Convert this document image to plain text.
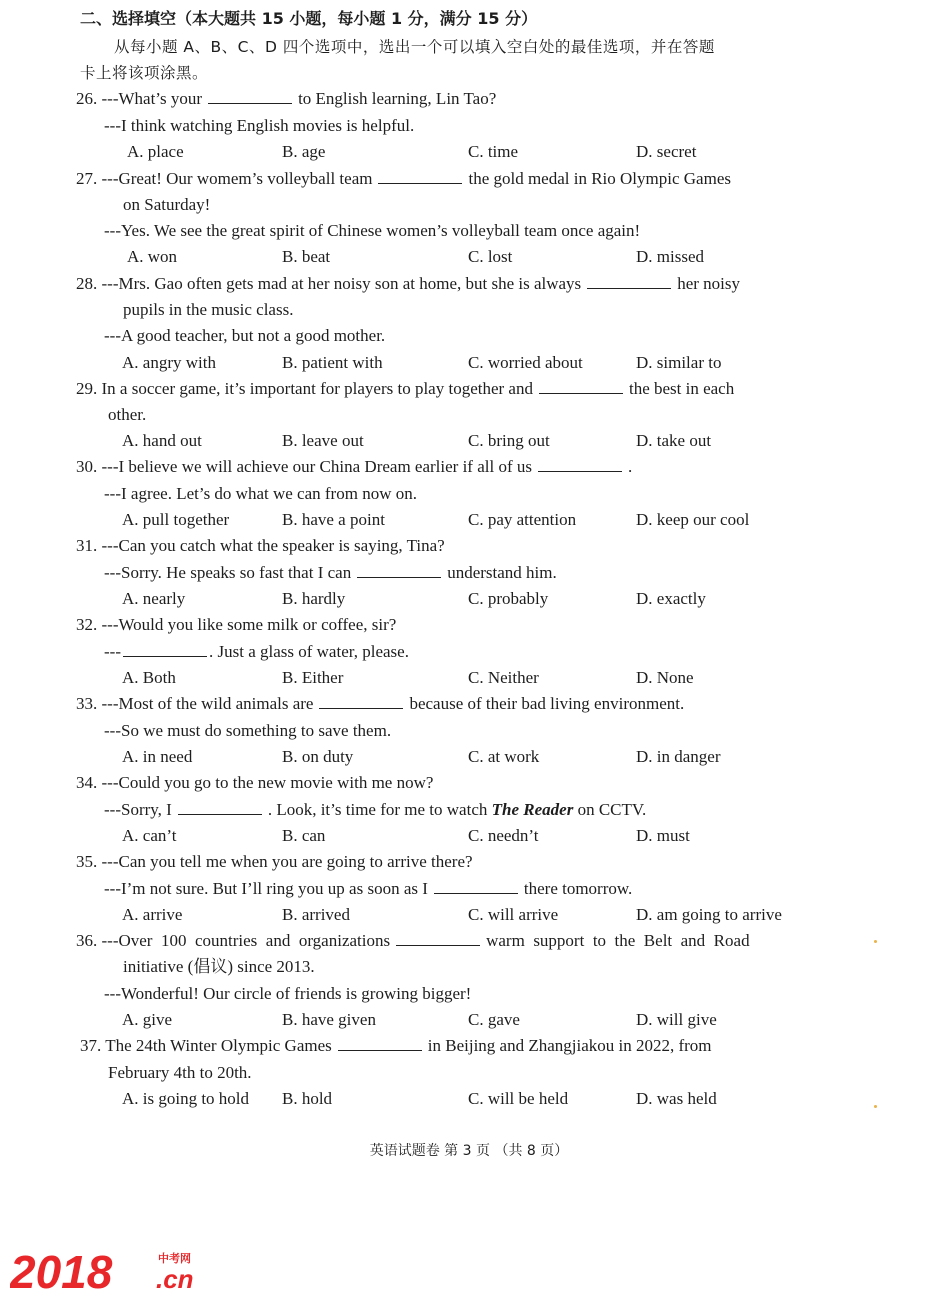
二、选择填空（本大题共 15 小题，每小题 1 分，满分 15 分）
从每小题 A、B、C、D 四个选项中，选出一个可以填入空白处的最佳选项，并在答题
卡上将该项涂黑。
26. ---What’s your	to English learning, Lin Tao?
---I think watching English movies is helpful.
A. place	B. age	C. time	D. secret
27. ---Great! Our womem’s volleyball team	the gold medal in Rio Olympic Games
on Saturday!
---Yes. We see the great spirit of Chinese women’s volleyball team once again!
A. won	B. beat	C. lost	D. missed
28. ---Mrs. Gao often gets mad at her noisy son at home, but she is always	her noisy
pupils in the music class.
---A good teacher, but not a good mother.
A. angry with	B. patient with	C. worried about	D. similar to
29. In a soccer game, it’s important for players to play together and	the best in each
other.
A. hand out	B. leave out	C. bring out	D. take out
30. ---I believe we will achieve our China Dream earlier if all of us	.
---I agree. Let’s do what we can from now on.
A. pull together	B. have a point	C. pay attention	D. keep our cool
31. ---Can you catch what the speaker is saying, Tina?
---Sorry. He speaks so fast that I can	understand him.
A. nearly	B. hardly	C. probably	D. exactly
32. ---Would you like some milk or coffee, sir?
---	. Just a glass of water, please.
A. Both	B. Either	C. Neither	D. None
33. ---Most of the wild animals are	because of their bad living environment.
---So we must do something to save them.
A. in need	B. on duty	C. at work	D. in danger
34. ---Could you go to the new movie with me now?
---Sorry, I	. Look, it’s time for me to watch The Reader on CCTV.
A. can’t	B. can	C. needn’t	D. must
35. ---Can you tell me when you are going to arrive there?
---I’m not sure. But I’ll ring you up as soon as I	there tomorrow.
A. arrive	B. arrived	C. will arrive	D. am going to arrive
36. ---Over  100  countries  and  organizations	warm  support  to  the  Belt  and  Road
initiative (倡议) since 2013.
---Wonderful! Our circle of friends is growing bigger!
A. give	B. have given	C. gave	D. will give
37. The 24th Winter Olympic Games	in Beijing and Zhangjiakou in 2022, from
February 4th to 20th.
A. is going to hold B. hold	C. will be held	D. was held
英语试题卷 第 3 页 （共 8 页）
2018	中考网
.cn
